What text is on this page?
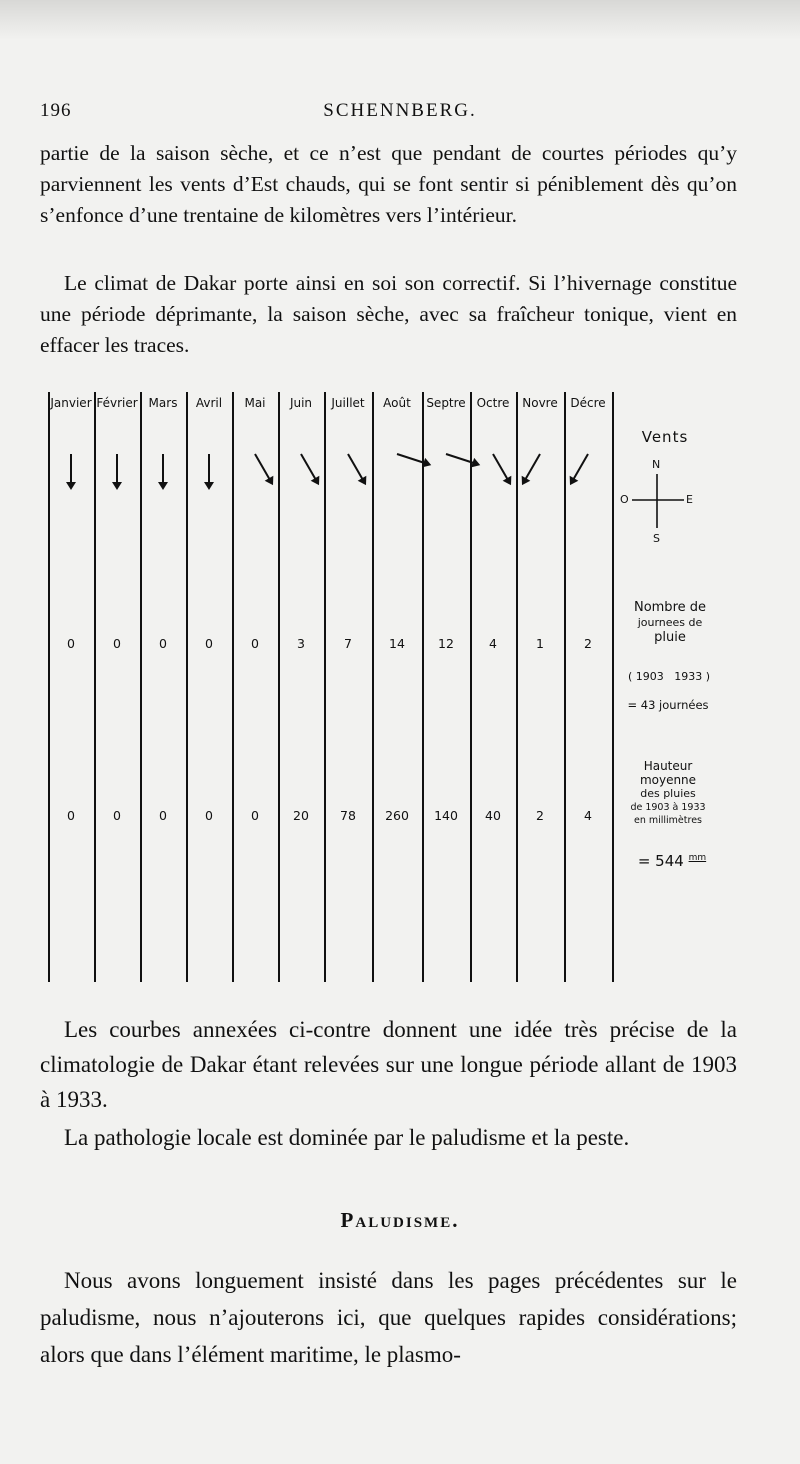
196	SCHENNBERG.

partie de la saison sèche, et ce n’est que pendant de courtes périodes qu’y parviennent les vents d’Est chauds, qui se font sentir si péniblement dès qu’on s’enfonce d’une trentaine de kilomètres vers l’intérieur.

Le climat de Dakar porte ainsi en soi son correctif. Si l’hivernage constitue une période déprimante, la saison sèche, avec sa fraîcheur tonique, vient en effacer les traces.

Janvier
0
0
Février
0
0
Mars
0
0
Avril
0
0
Mai
0
0
Juin
3
20
Juillet
7
78
Août
14
260
Septre
12
140
Octre
4
40
Novre
1
2
Décre
2
4
Vents
N
E
S
O
Nombre de
journees de
pluie
( 1903   1933 )
= 43 journées
Hauteur
moyenne
des pluies
de 1903 à 1933
en millimètres
= 544 $^{mm}$

Les courbes annexées ci-contre donnent une idée très précise de la climatologie de Dakar étant relevées sur une longue période allant de 1903 à 1933.

La pathologie locale est dominée par le paludisme et la peste.

Paludisme.

Nous avons longuement insisté dans les pages précédentes sur le paludisme, nous n’ajouterons ici, que quelques rapides considérations; alors que dans l’élément maritime, le plasmo-
